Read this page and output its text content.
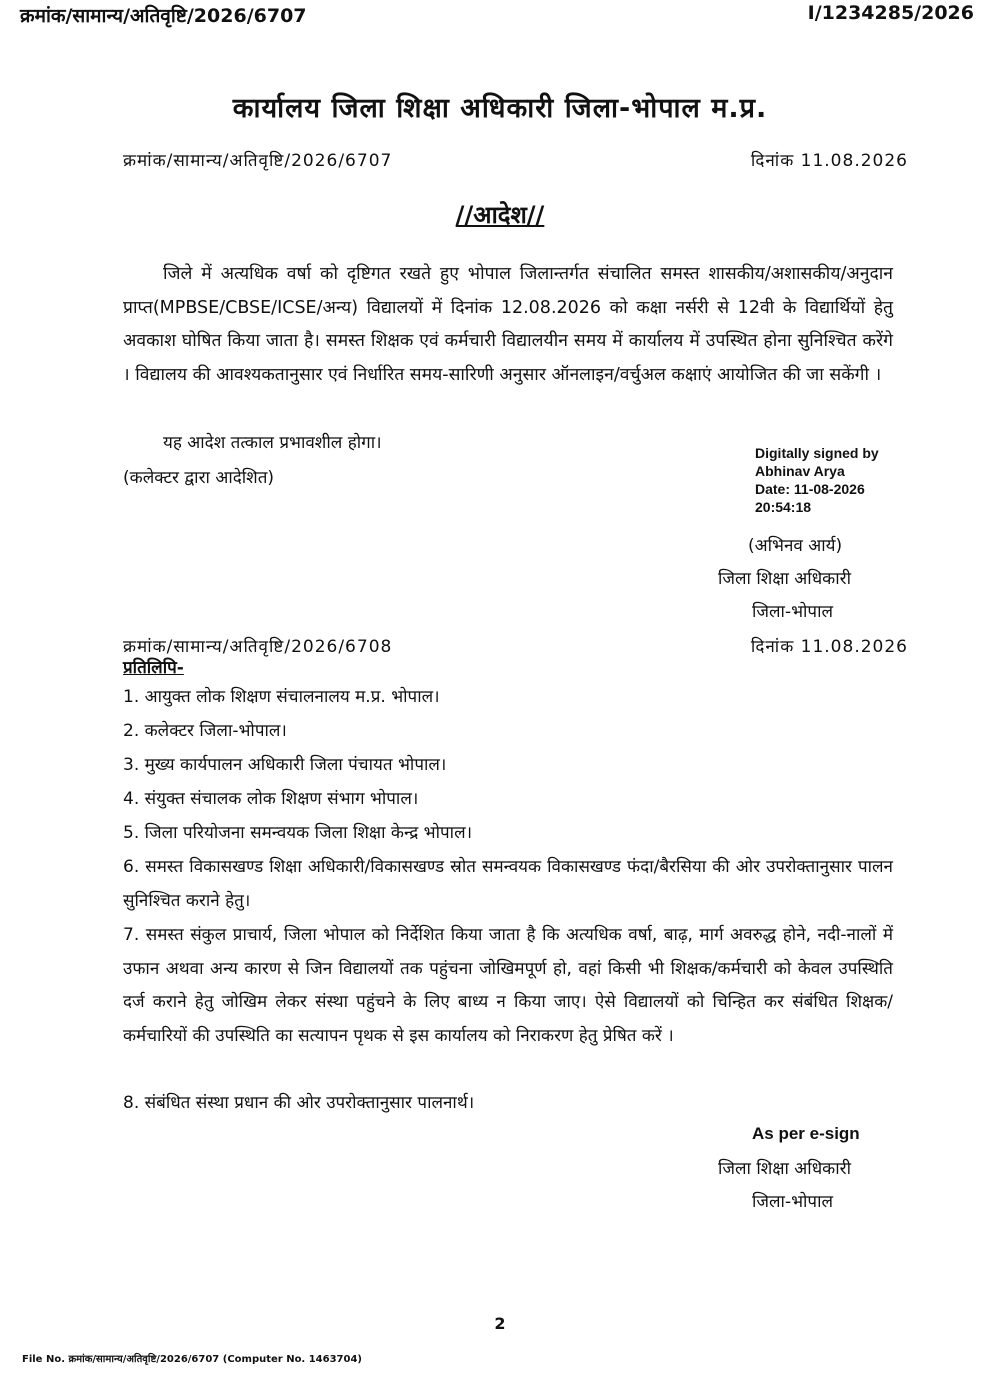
क्रमांक/सामान्य/अतिवृष्टि/2026/6707	I/1234285/2026

कार्यालय जिला शिक्षा अधिकारी जिला-भोपाल म.प्र.

क्रमांक/सामान्य/अतिवृष्टि/2026/6707	दिनांक 11.08.2026

//आदेश//

जिले में अत्यधिक वर्षा को दृष्टिगत रखते हुए भोपाल जिलान्तर्गत संचालित समस्त शासकीय/अशासकीय/अनुदान प्राप्त(MPBSE/CBSE/ICSE/अन्य) विद्यालयों में दिनांक 12.08.2026 को कक्षा नर्सरी से 12वी के विद्यार्थियों हेतु अवकाश घोषित किया जाता है। समस्त शिक्षक एवं कर्मचारी विद्यालयीन समय में कार्यालय में उपस्थित होना सुनिश्चित करेंगे । विद्यालय की आवश्यकतानुसार एवं निर्धारित समय-सारिणी अनुसार ऑनलाइन/वर्चुअल कक्षाएं आयोजित की जा सकेंगी ।

यह आदेश तत्काल प्रभावशील होगा।

(कलेक्टर द्वारा आदेशित)

Digitally signed by
Abhinav Arya
Date: 11-08-2026
20:54:18

(अभिनव आर्य)

जिला शिक्षा अधिकारी

जिला-भोपाल

क्रमांक/सामान्य/अतिवृष्टि/2026/6708	दिनांक 11.08.2026

प्रतिलिपि-

1. आयुक्त लोक शिक्षण संचालनालय म.प्र. भोपाल।

2. कलेक्टर जिला-भोपाल।

3. मुख्य कार्यपालन अधिकारी जिला पंचायत भोपाल।

4. संयुक्त संचालक लोक शिक्षण संभाग भोपाल।

5. जिला परियोजना समन्वयक जिला शिक्षा केन्द्र भोपाल।

6. समस्त विकासखण्ड शिक्षा अधिकारी/विकासखण्ड स्रोत समन्वयक विकासखण्ड फंदा/बैरसिया की ओर उपरोक्तानुसार पालन सुनिश्चित कराने हेतु।

7. समस्त संकुल प्राचार्य, जिला भोपाल को निर्देशित किया जाता है कि अत्यधिक वर्षा, बाढ़, मार्ग अवरुद्ध होने, नदी-नालों में उफान अथवा अन्य कारण से जिन विद्यालयों तक पहुंचना जोखिमपूर्ण हो, वहां किसी भी शिक्षक/कर्मचारी को केवल उपस्थिति दर्ज कराने हेतु जोखिम लेकर संस्था पहुंचने के लिए बाध्य न किया जाए। ऐसे विद्यालयों को चिन्हित कर संबंधित शिक्षक/कर्मचारियों की उपस्थिति का सत्यापन पृथक से इस कार्यालय को निराकरण हेतु प्रेषित करें ।

8. संबंधित संस्था प्रधान की ओर उपरोक्तानुसार पालनार्थ।

As per e-sign

जिला शिक्षा अधिकारी

जिला-भोपाल

2

File No. क्रमांक/सामान्य/अतिवृष्टि/2026/6707 (Computer No. 1463704)
